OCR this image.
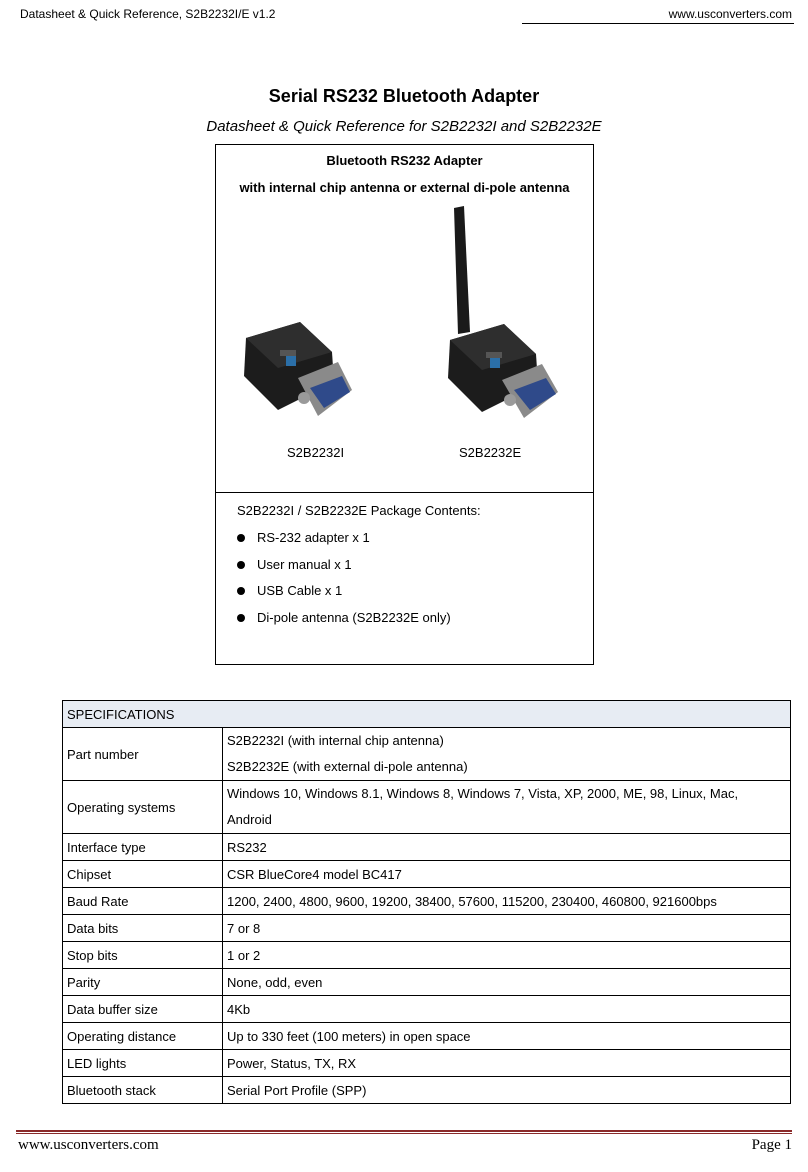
Datasheet & Quick Reference, S2B2232I/E v1.2	www.usconverters.com
Serial RS232 Bluetooth Adapter
Datasheet & Quick Reference for S2B2232I and S2B2232E
Bluetooth RS232 Adapter
with internal chip antenna or external di-pole antenna
S2B2232I	S2B2232E
S2B2232I / S2B2232E Package Contents:
RS-232 adapter x 1
User manual x 1
USB Cable x 1
Di-pole antenna (S2B2232E only)
SPECIFICATIONS	
Part number	S2B2232I (with internal chip antenna)
S2B2232E (with external di-pole antenna)

Operating systems	Windows 10, Windows 8.1, Windows 8, Windows 7, Vista, XP, 2000, ME, 98, Linux, Mac,
Android

Interface type	RS232
Chipset	CSR BlueCore4 model BC417
Baud Rate	1200, 2400, 4800, 9600, 19200, 38400, 57600, 115200, 230400, 460800, 921600bps
Data bits	7 or 8
Stop bits	1 or 2
Parity	None, odd, even
Data buffer size	4Kb
Operating distance	Up to 330 feet (100 meters) in open space
LED lights	Power, Status, TX, RX
Bluetooth stack	Serial Port Profile (SPP)
www.usconverters.com	Page 1
